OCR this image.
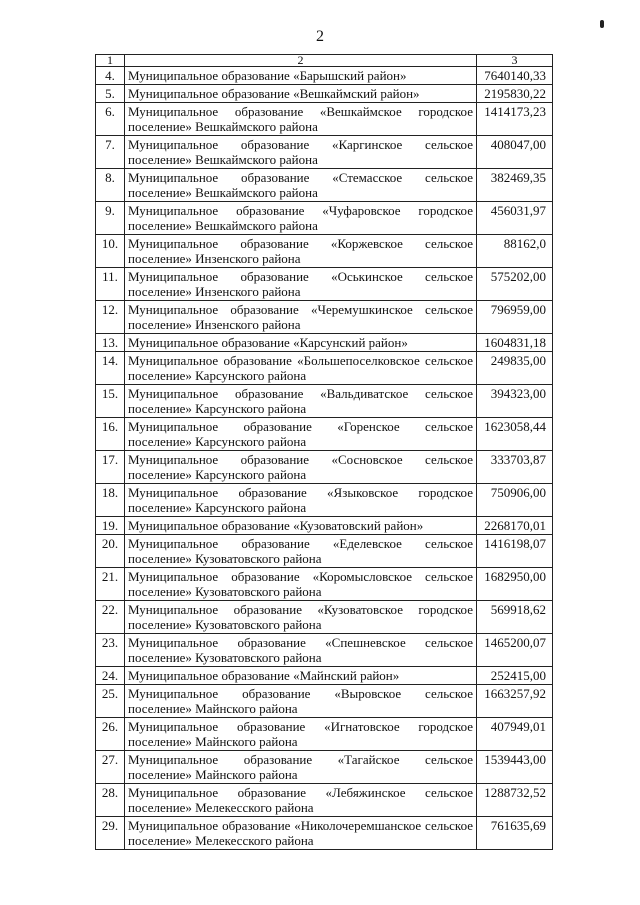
2
1	2	3
4.	Муниципальное образование «Барышский район»	7640140,33
5.	Муниципальное образование «Вешкаймский район»	2195830,22
6.	Муниципальное образование «Вешкаймское городское поселение» Вешкаймского района	1414173,23
7.	Муниципальное образование «Каргинское сельское поселение» Вешкаймского района	408047,00
8.	Муниципальное образование «Стемасское сельское поселение» Вешкаймского района	382469,35
9.	Муниципальное образование «Чуфаровское городское поселение» Вешкаймского района	456031,97
10.	Муниципальное образование «Коржевское сельское поселение» Инзенского района	88162,0
11.	Муниципальное образование «Оськинское сельское поселение» Инзенского района	575202,00
12.	Муниципальное образование «Черемушкинское сельское поселение» Инзенского района	796959,00
13.	Муниципальное образование «Карсунский район»	1604831,18
14.	Муниципальное образование «Большепоселковское сельское поселение» Карсунского района	249835,00
15.	Муниципальное образование «Вальдиватское сельское поселение» Карсунского района	394323,00
16.	Муниципальное образование «Горенское сельское поселение» Карсунского района	1623058,44
17.	Муниципальное образование «Сосновское сельское поселение» Карсунского района	333703,87
18.	Муниципальное образование «Языковское городское поселение» Карсунского района	750906,00
19.	Муниципальное образование «Кузоватовский район»	2268170,01
20.	Муниципальное образование «Еделевское сельское поселение» Кузоватовского района	1416198,07
21.	Муниципальное образование «Коромысловское сельское поселение» Кузоватовского района	1682950,00
22.	Муниципальное образование «Кузоватовское городское поселение» Кузоватовского района	569918,62
23.	Муниципальное образование «Спешневское сельское поселение» Кузоватовского района	1465200,07
24.	Муниципальное образование «Майнский район»	252415,00
25.	Муниципальное образование «Выровское сельское поселение» Майнского района	1663257,92
26.	Муниципальное образование «Игнатовское городское поселение» Майнского района	407949,01
27.	Муниципальное образование «Тагайское сельское поселение» Майнского района	1539443,00
28.	Муниципальное образование «Лебяжинское сельское поселение» Мелекесского района	1288732,52
29.	Муниципальное образование «Николочеремшанское сельское поселение» Мелекесского района	761635,69
